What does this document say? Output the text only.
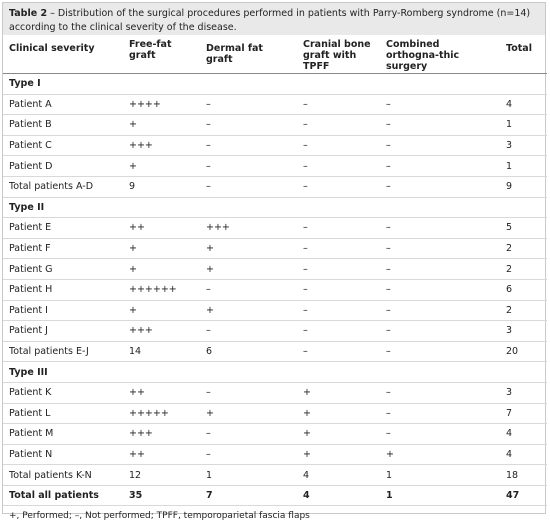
Table 2 – Distribution of the surgical procedures performed in patients with Parry-Romberg syndrome (n=14) according to the clinical severity of the disease.
Clinical severity	Free-fat graft	Dermal fat graft	Cranial bone graft with TPFF	Combined orthogna-thic surgery	Total
Type I					
Patient A	++++	–	–	–	4
Patient B	+	–	–	–	1
Patient C	+++	–	–	–	3
Patient D	+	–	–	–	1
Total patients A-D	9	–	–	–	9
Type II					
Patient E	++	+++	–	–	5
Patient F	+	+	–	–	2
Patient G	+	+	–	–	2
Patient H	++++++	–	–	–	6
Patient I	+	+	–	–	2
Patient J	+++	–	–	–	3
Total patients E-J	14	6	–	–	20
Type III					
Patient K	++	–	+	–	3
Patient L	+++++	+	+	–	7
Patient M	+++	–	+	–	4
Patient N	++	–	+	+	4
Total patients K-N	12	1	4	1	18
Total all patients	35	7	4	1	47
+, Performed; –, Not performed; TPFF, temporoparietal fascia flaps
